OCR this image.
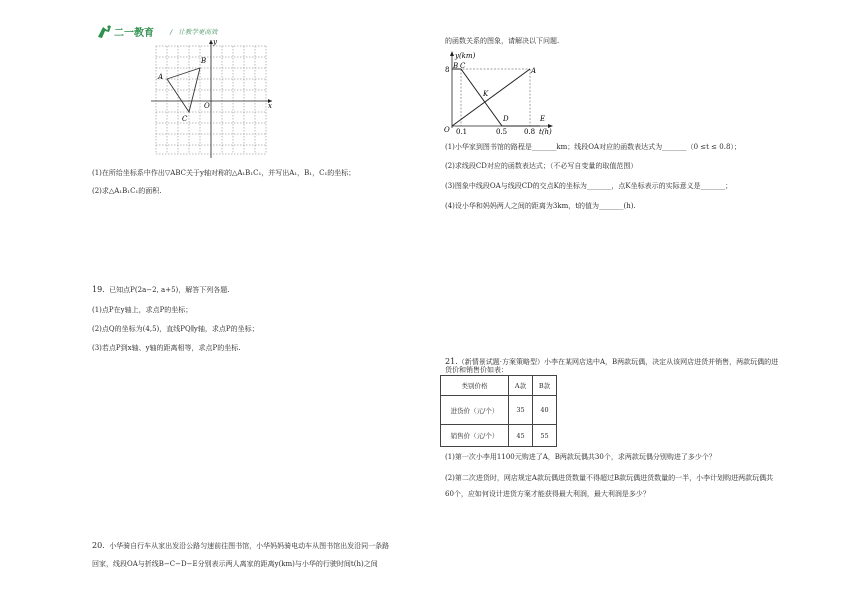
二一教育 /   让教学更高效
x
y
O
A
B
C
(1)在所给坐标系中作出▽ABC关于y轴对称的△A₁B₁C₁，并写出A₁，B₁，C₁的坐标；
(2)求△A₁B₁C₁的面积.
19. 已知点P(2a−2, a+5)，解答下列各题.
(1)点P在y轴上，求点P的坐标；
(2)点Q的坐标为(4,5)，直线PQ∥y轴，求点P的坐标；
(3)若点P到x轴、y轴的距离相等，求点P的坐标.
20. 小华骑自行车从家出发沿公路匀速前往图书馆，小华妈妈骑电动车从图书馆出发沿同一条路
回家，线段OA与折线B−C−D−E分别表示两人离家的距离y(km)与小华的行驶时间t(h)之间
的函数关系的图象，请解决以下问题.
y(km)
t(h)
8
O 0.1	0.5 0.8
B C
A
K
D	E
(1)小华家到图书馆的路程是_______km；线段OA对应的函数表达式为_______（0 ≤t ≤ 0.8）；
(2)求线段CD对应的函数表达式；（不必写自变量的取值范围）
(3)图象中线段OA与线段CD的交点K的坐标为_______，点K坐标表示的实际意义是_______；
(4)设小华和妈妈两人之间的距离为3km，t的值为_______(h).
21.（新情景试题·方案策略型）小李在某网店选中A，B两款玩偶，决定从该网店进货并销售，两款玩偶的进
货价和销售价如表：
类别价格	A款	B款
进货价（元/个）	35	40
销售价（元/个）	45	55
(1)第一次小李用1100元购进了A，B两款玩偶共30个，求两款玩偶分别购进了多少个？
(2)第二次进货时，网店规定A款玩偶进货数量不得超过B款玩偶进货数量的一半，小李计划购进两款玩偶共
60个，应如何设计进货方案才能获得最大利润，最大利润是多少？
